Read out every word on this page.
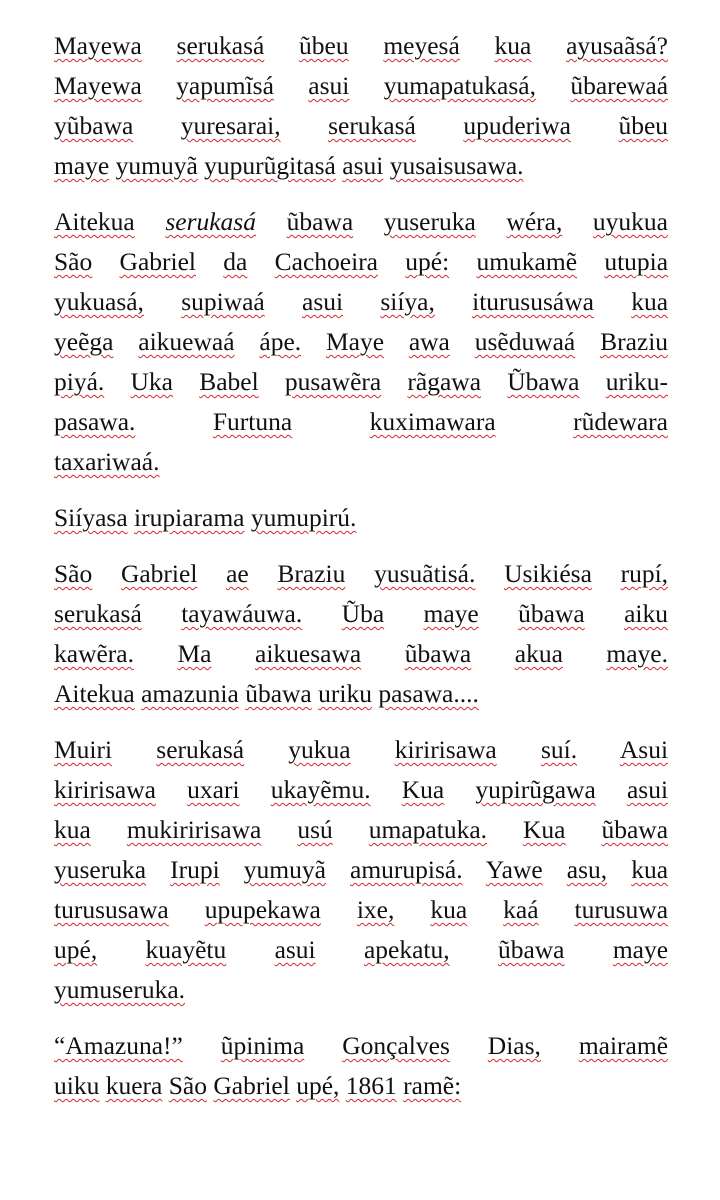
Mayewa serukasá ũbeu meyesá kua ayusaãsá?
Mayewa yapumĩsá asui yumapatukasá, ũbarewaá
yũbawa yuresarai, serukasá upuderiwa ũbeu
maye yumuyã yupurũgitasá asui yusaisusawa.

Aitekua serukasá ũbawa yuseruka wéra, uyukua
São Gabriel da Cachoeira upé: umukamẽ utupia
yukuasá, supiwaá asui siíya, iturususáwa kua
yeẽga aikuewaá ápe. Maye awa usẽduwaá Braziu
piyá. Uka Babel pusawẽra rãgawa Ũbawa uriku-
pasawa.	Furtuna	kuximawara	rũdewara
taxariwaá.

Siíyasa irupiarama yumupirú.

São Gabriel ae Braziu yusuãtisá. Usikiésa rupí,
serukasá tayawáuwa. Ũba maye ũbawa aiku
kawẽra. Ma aikuesawa ũbawa akua maye.
Aitekua amazunia ũbawa uriku pasawa....

Muiri serukasá yukua kiririsawa suí. Asui
kiririsawa uxari ukayẽmu. Kua yupirũgawa asui
kua mukiririsawa usú umapatuka. Kua ũbawa
yuseruka Irupi yumuyã amurupisá. Yawe asu, kua
turususawa upupekawa ixe, kua kaá turusuwa
upé, kuayẽtu asui apekatu, ũbawa maye
yumuseruka.

“Amazuna!” ũpinima Gonçalves Dias, mairamẽ
uiku kuera São Gabriel upé, 1861 ramẽ:
